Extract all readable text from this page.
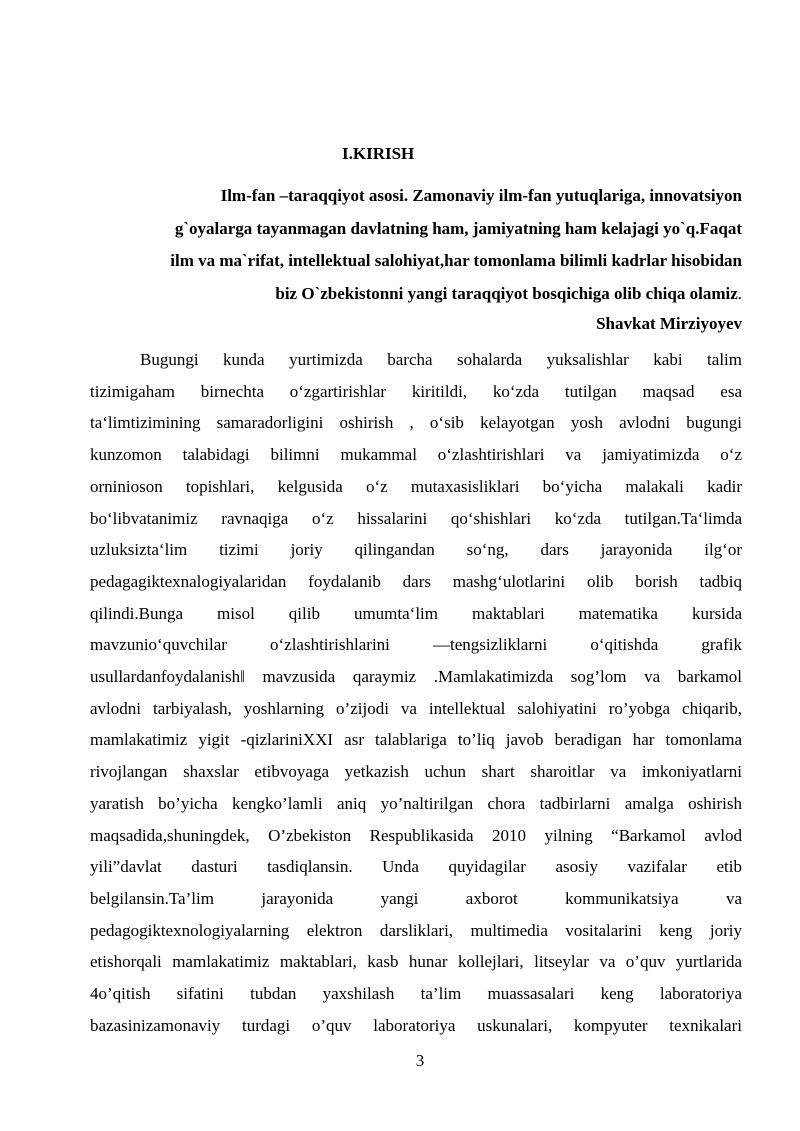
I.KIRISH
Ilm-fan –taraqqiyot asosi. Zamonaviy ilm-fan yutuqlariga, innovatsiyon
g`oyalarga tayanmagan davlatning ham, jamiyatning ham kelajagi yo`q.Faqat
ilm va ma`rifat, intellektual salohiyat,har tomonlama bilimli kadrlar hisobidan
biz O`zbekistonni yangi taraqqiyot bosqichiga olib chiqa olamiz.
Shavkat Mirziyoyev
Bugungi kunda yurtimizda barcha sohalarda yuksalishlar kabi talim
tizimigaham birnechta o‘zgartirishlar kiritildi, ko‘zda tutilgan maqsad esa
ta‘limtizimining samaradorligini oshirish , o‘sib kelayotgan yosh avlodni bugungi
kunzomon talabidagi bilimni mukammal o‘zlashtirishlari va jamiyatimizda o‘z
orninioson topishlari, kelgusida o‘z mutaxasisliklari bo‘yicha malakali kadir
bo‘libvatanimiz ravnaqiga o‘z hissalarini qo‘shishlari ko‘zda tutilgan.Ta‘limda
uzluksizta‘lim tizimi joriy qilingandan so‘ng, dars jarayonida ilg‘or
pedagagiktexnalogiyalaridan foydalanib dars mashg‘ulotlarini olib borish tadbiq
qilindi.Bunga misol qilib umumta‘lim maktablari matematika kursida
mavzunio‘quvchilar o‘zlashtirishlarini ―tengsizliklarni o‘qitishda grafik
usullardanfoydalanish‖ mavzusida qaraymiz .Mamlakatimizda sog’lom va barkamol
avlodni tarbiyalash, yoshlarning o’zijodi va intellektual salohiyatini ro’yobga chiqarib,
mamlakatimiz yigit -qizlariniXXI asr talablariga to’liq javob beradigan har tomonlama
rivojlangan shaxslar etibvoyaga yetkazish uchun shart sharoitlar va imkoniyatlarni
yaratish bo’yicha kengko’lamli aniq yo’naltirilgan chora tadbirlarni amalga oshirish
maqsadida,shuningdek, O’zbekiston Respublikasida 2010 yilning “Barkamol avlod
yili”davlat dasturi tasdiqlansin. Unda quyidagilar asosiy vazifalar etib
belgilansin.Ta’lim jarayonida yangi axborot kommunikatsiya va
pedagogiktexnologiyalarning elektron darsliklari, multimedia vositalarini keng joriy
etishorqali mamlakatimiz maktablari, kasb hunar kollejlari, litseylar va o’quv yurtlarida
4o’qitish sifatini tubdan yaxshilash ta’lim muassasalari keng laboratoriya
bazasinizamonaviy turdagi o’quv laboratoriya uskunalari, kompyuter texnikalari
3
